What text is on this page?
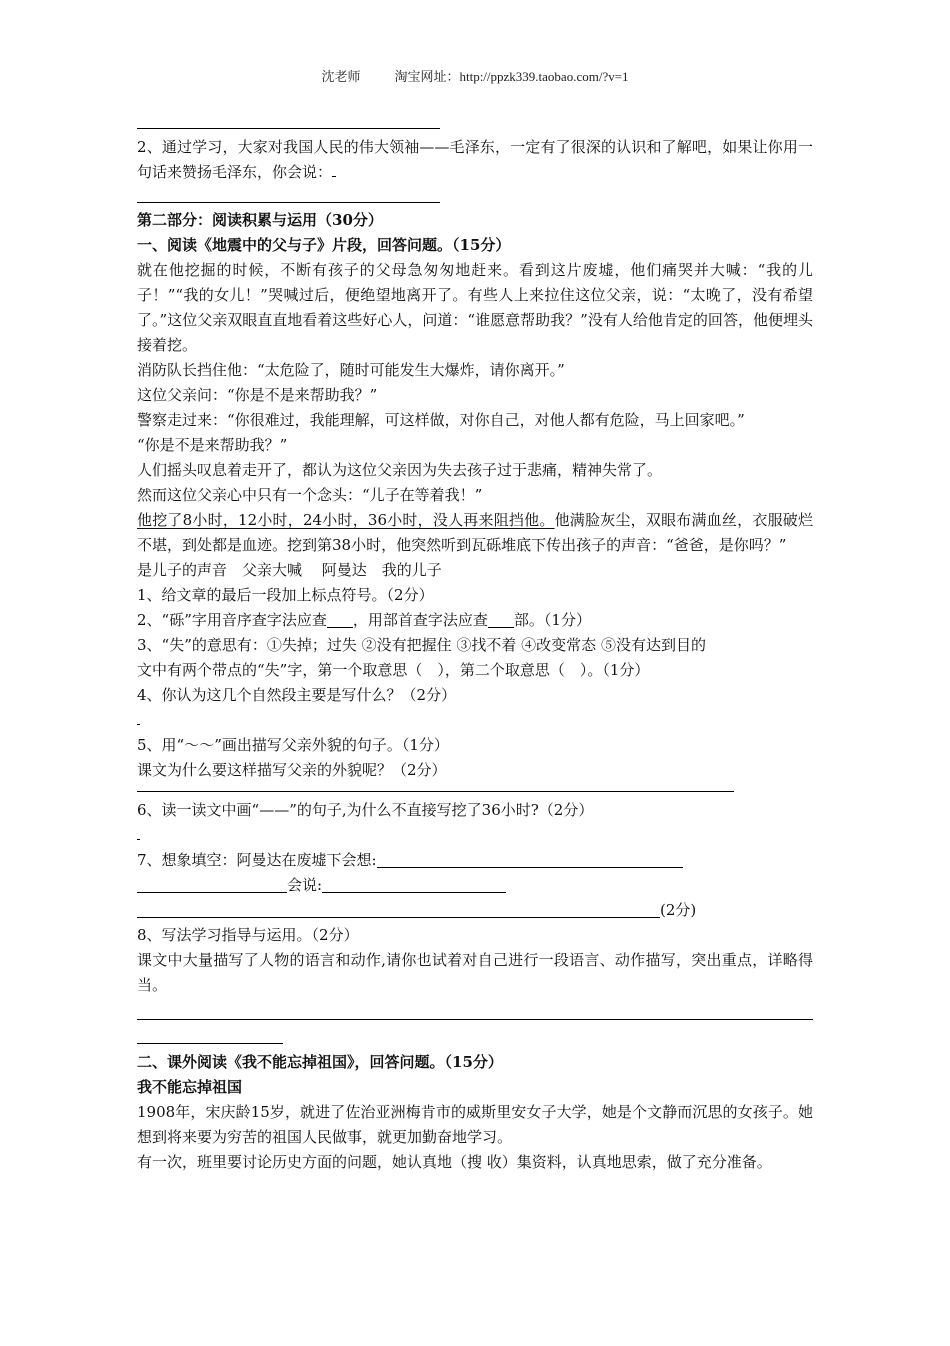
沈老师	淘宝网址：http://ppzk339.taobao.com/?v=1

2、通过学习，大家对我国人民的伟大领袖——毛泽东，一定有了很深的认识和了解吧，如果让你用一句话来赞扬毛泽东，你会说：

第二部分：阅读积累与运用（30分）

一、阅读《地震中的父与子》片段，回答问题。（15分）

就在他挖掘的时候，不断有孩子的父母急匆匆地赶来。看到这片废墟，他们痛哭并大喊：“我的儿子！”“我的女儿！”哭喊过后，便绝望地离开了。有些人上来拉住这位父亲，说：“太晚了，没有希望了。”这位父亲双眼直直地看着这些好心人，问道：“谁愿意帮助我？”没有人给他肯定的回答，他便埋头接着挖。

消防队长挡住他：“太危险了，随时可能发生大爆炸，请你离开。”

这位父亲问：“你是不是来帮助我？”

警察走过来：“你很难过，我能理解，可这样做，对你自己，对他人都有危险，马上回家吧。”

“你是不是来帮助我？”

人们摇头叹息着走开了，都认为这位父亲因为失去孩子过于悲痛，精神失常了。

然而这位父亲心中只有一个念头：“儿子在等着我！”

他挖了8小时，12小时，24小时，36小时，没人再来阻挡他。他满脸灰尘，双眼布满血丝，衣服破烂不堪，到处都是血迹。挖到第38小时，他突然听到瓦砾堆底下传出孩子的声音：“爸爸，是你吗？”

是儿子的声音　父亲大喊　 阿曼达　我的儿子

1、给文章的最后一段加上标点符号。（2分）

2、“砾”字用音序查字法应查 ，用部首查字法应查 部。（1分）

3、“失”的意思有：①失掉；过失 ②没有把握住 ③找不着 ④改变常态 ⑤没有达到目的

文中有两个带点的“失”字，第一个取意思（　），第二个取意思（　）。（1分）

4、你认为这几个自然段主要是写什么？（2分）

5、用“～～”画出描写父亲外貌的句子。（1分）

课文为什么要这样描写父亲的外貌呢？（2分）

6、读一读文中画“——”的句子,为什么不直接写挖了36小时?（2分）

7、想象填空：阿曼达在废墟下会想:

会说:

(2分)

8、写法学习指导与运用。（2分）

课文中大量描写了人物的语言和动作,请你也试着对自己进行一段语言、动作描写，突出重点，详略得当。

二、课外阅读《我不能忘掉祖国》，回答问题。（15分）

我不能忘掉祖国

1908年，宋庆龄15岁，就进了佐治亚洲梅肯市的威斯里安女子大学，她是个文静而沉思的女孩子。她想到将来要为穷苦的祖国人民做事，就更加勤奋地学习。

有一次，班里要讨论历史方面的问题，她认真地（搜 收）集资料，认真地思索，做了充分准备。
